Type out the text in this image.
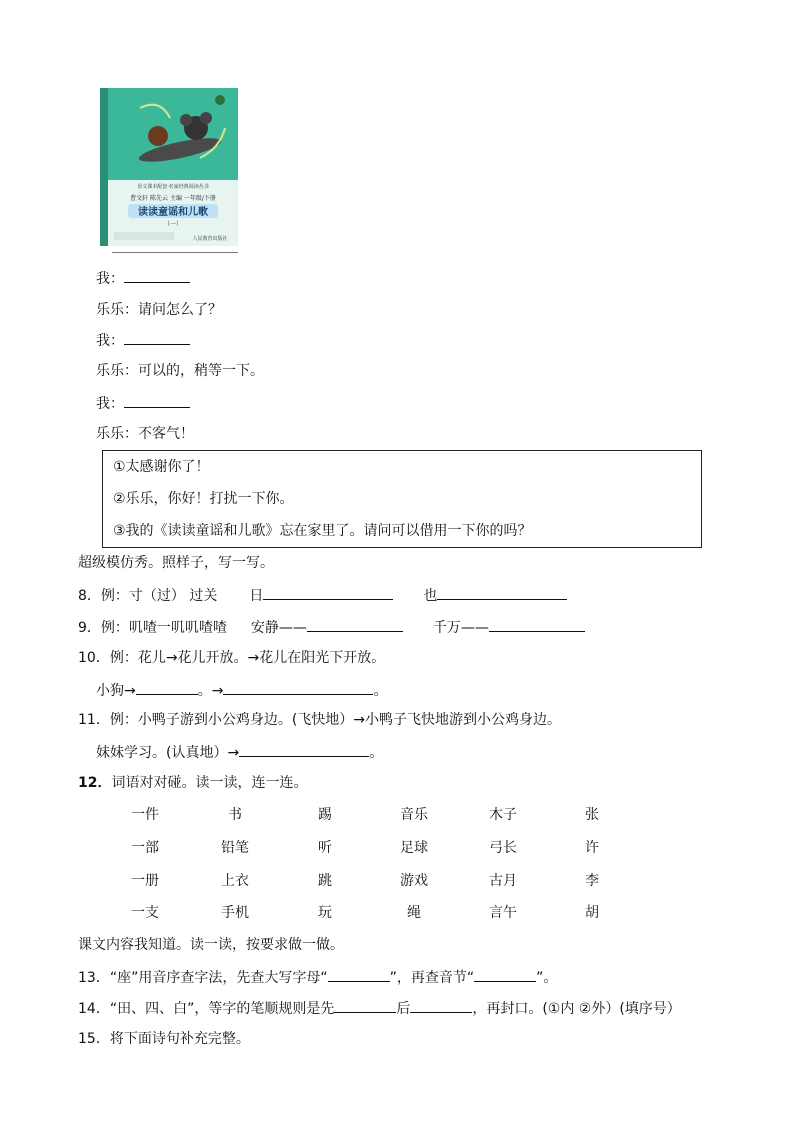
语文课本配套·名家经典阅读丛书
曹文轩 陈先云 主编 一年级/下册
读读童谣和儿歌
（一）
人民教育出版社
我：
乐乐：请问怎么了？
我：
乐乐：可以的，稍等一下。
我：
乐乐：不客气！
①太感谢你了！
②乐乐，你好！打扰一下你。
③我的《读读童谣和儿歌》忘在家里了。请问可以借用一下你的吗？
超级模仿秀。照样子，写一写。
8．例：寸（过） 过关 日	也
9．例：叽喳一叽叽喳喳 安静——	千万——
10．例：花儿→花儿开放。→花儿在阳光下开放。
小狗→	。→	。
11．例：小鸭子游到小公鸡身边。(飞快地）→小鸭子飞快地游到小公鸡身边。
妹妹学习。(认真地）→	。
12．词语对对碰。读一读，连一连。
一件	书	踢	音乐	木子	张
一部	铅笔	听	足球	弓长	许
一册	上衣	跳	游戏	古月	李
一支	手机	玩	绳	言午	胡
课文内容我知道。读一读，按要求做一做。
13．“座”用音序查字法，先查大写字母“	”，再查音节“	”。
14．“田、四、白”，等字的笔顺规则是先	后	，再封口。(①内 ②外）(填序号）
15．将下面诗句补充完整。
